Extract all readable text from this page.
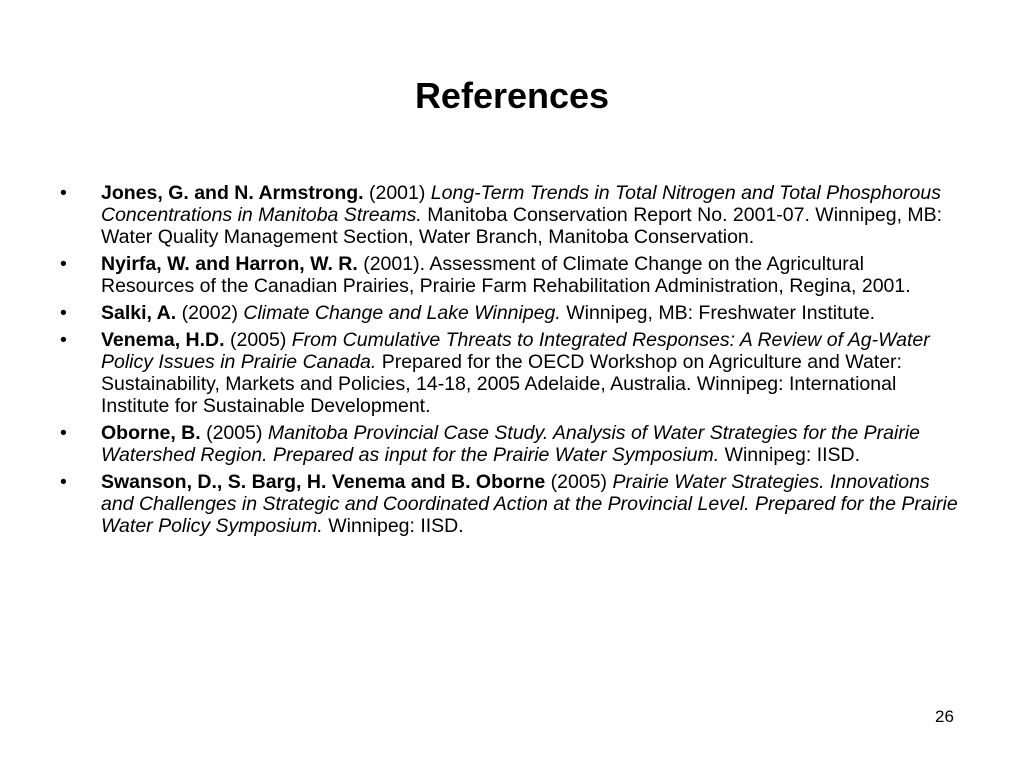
References
• Jones, G. and N. Armstrong. (2001) Long-Term Trends in Total Nitrogen and Total Phosphorous Concentrations in Manitoba Streams. Manitoba Conservation Report No. 2001-07. Winnipeg, MB: Water Quality Management Section, Water Branch, Manitoba Conservation.
• Nyirfa, W. and Harron, W. R. (2001). Assessment of Climate Change on the Agricultural Resources of the Canadian Prairies, Prairie Farm Rehabilitation Administration, Regina, 2001.
• Salki, A. (2002) Climate Change and Lake Winnipeg. Winnipeg, MB: Freshwater Institute.
• Venema, H.D. (2005) From Cumulative Threats to Integrated Responses: A Review of Ag-Water Policy Issues in Prairie Canada. Prepared for the OECD Workshop on Agriculture and Water: Sustainability, Markets and Policies, 14-18, 2005 Adelaide, Australia. Winnipeg: International Institute for Sustainable Development.
• Oborne, B. (2005) Manitoba Provincial Case Study. Analysis of Water Strategies for the Prairie Watershed Region. Prepared as input for the Prairie Water Symposium. Winnipeg: IISD.
• Swanson, D., S. Barg, H. Venema and B. Oborne (2005) Prairie Water Strategies. Innovations and Challenges in Strategic and Coordinated Action at the Provincial Level. Prepared for the Prairie Water Policy Symposium. Winnipeg: IISD.
26
